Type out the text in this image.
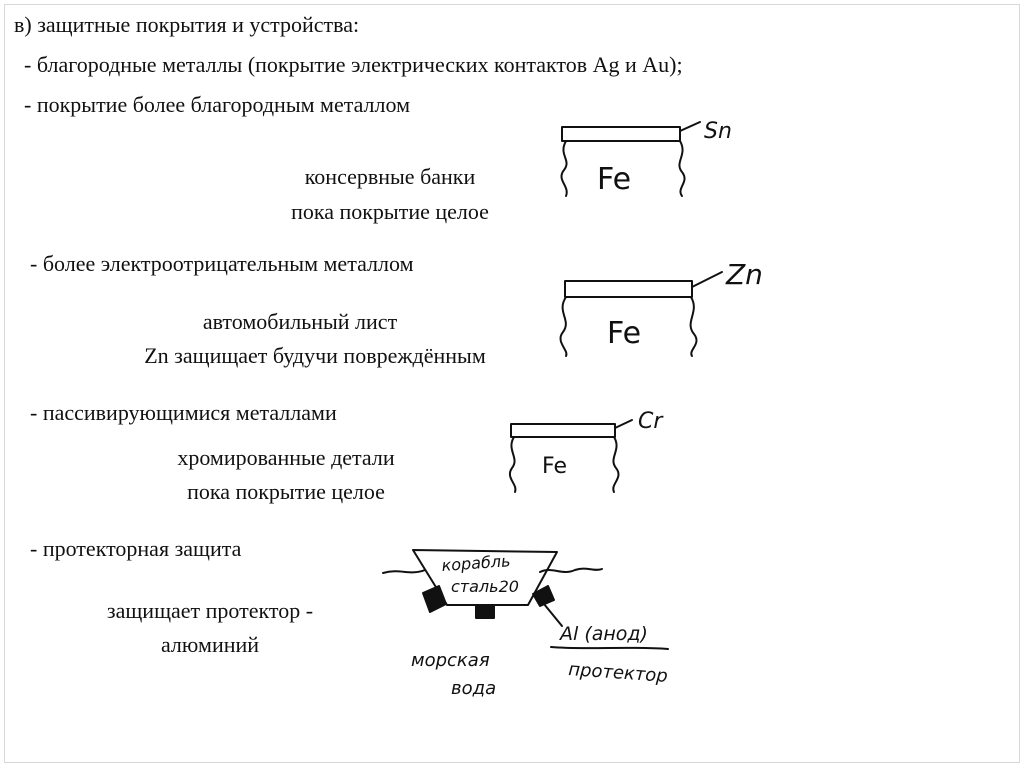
в) защитные покрытия и устройства:
- благородные металлы (покрытие электрических контактов Ag и Au);
- покрытие более благородным металлом
консервные банки
пока покрытие целое
- более электроотрицательным металлом
автомобильный лист
Zn защищает будучи повреждённым
- пассивирующимися металлами
хромированные детали
пока покрытие целое
- протекторная защита
защищает протектор -
алюминий
Sn
Fe
Zn
Fe
Cr
Fe
корабль
сталь20
Al (анод)
протектор
морская
вода
